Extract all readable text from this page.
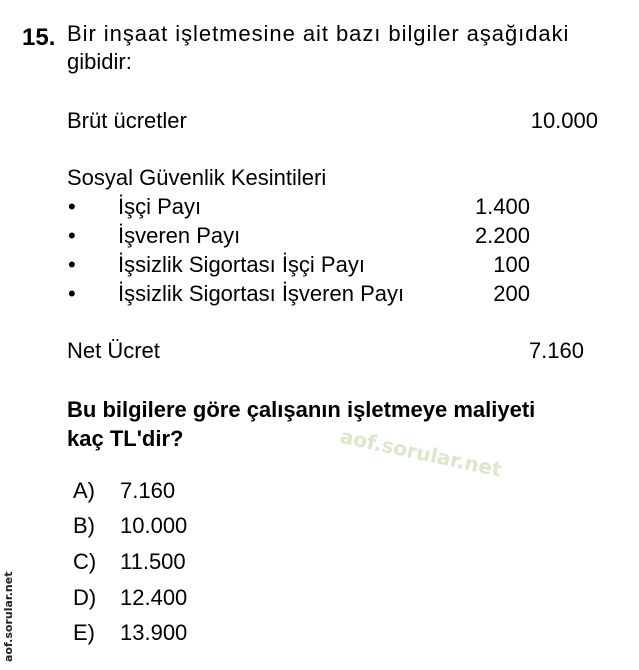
15. Bir inşaat işletmesine ait bazı bilgiler aşağıdaki
gibidir:
Brüt ücretler	10.000
Sosyal Güvenlik Kesintileri
• İşçi Payı	1.400
• İşveren Payı	2.200
• İşsizlik Sigortası İşçi Payı	100
• İşsizlik Sigortası İşveren Payı	200
Net Ücret	7.160
Bu bilgilere göre çalışanın işletmeye maliyeti
kaç TL'dir?	aof.sorular.net
A) 7.160
B) 10.000
C) 11.500
D) 12.400
E) 13.900
aof.sorular.net
